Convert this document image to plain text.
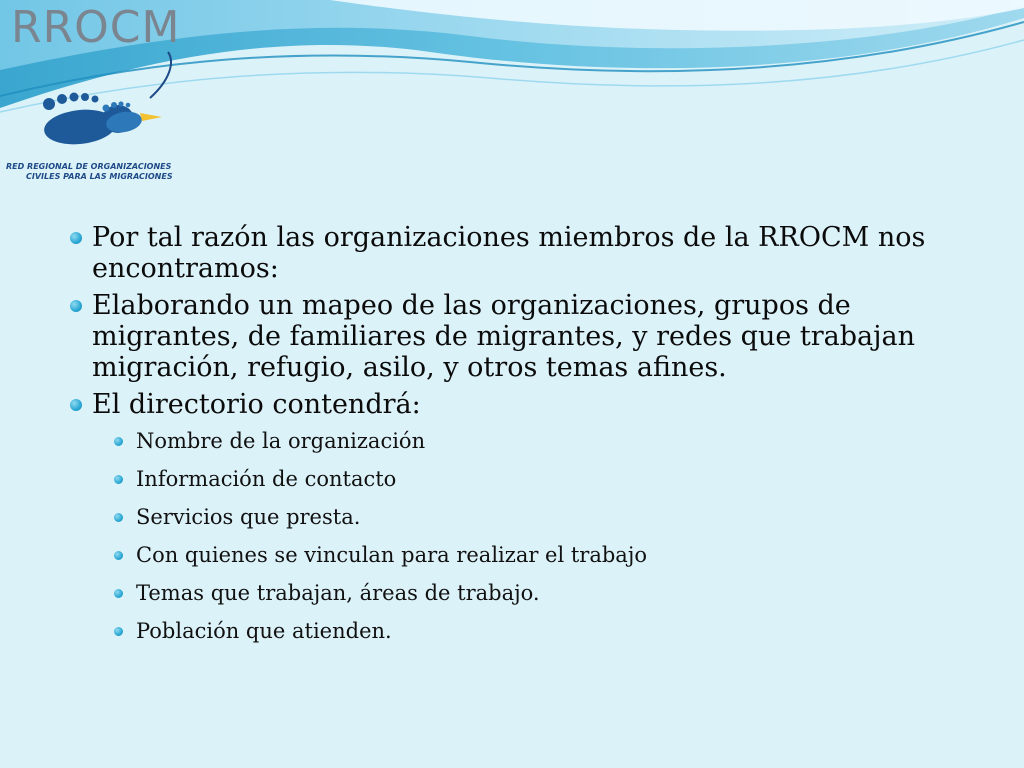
RROCM
RED REGIONAL DE ORGANIZACIONES
CIVILES PARA LAS MIGRACIONES
Por tal razón las organizaciones miembros de la RROCM nos encontramos:
Elaborando un mapeo de las organizaciones, grupos de migrantes, de familiares de migrantes, y redes que trabajan migración, refugio, asilo, y otros temas afines.
El directorio contendrá:
Nombre de la organización
Información de contacto
Servicios que presta.
Con quienes se vinculan para realizar el trabajo
Temas que trabajan, áreas de trabajo.
Población que atienden.
